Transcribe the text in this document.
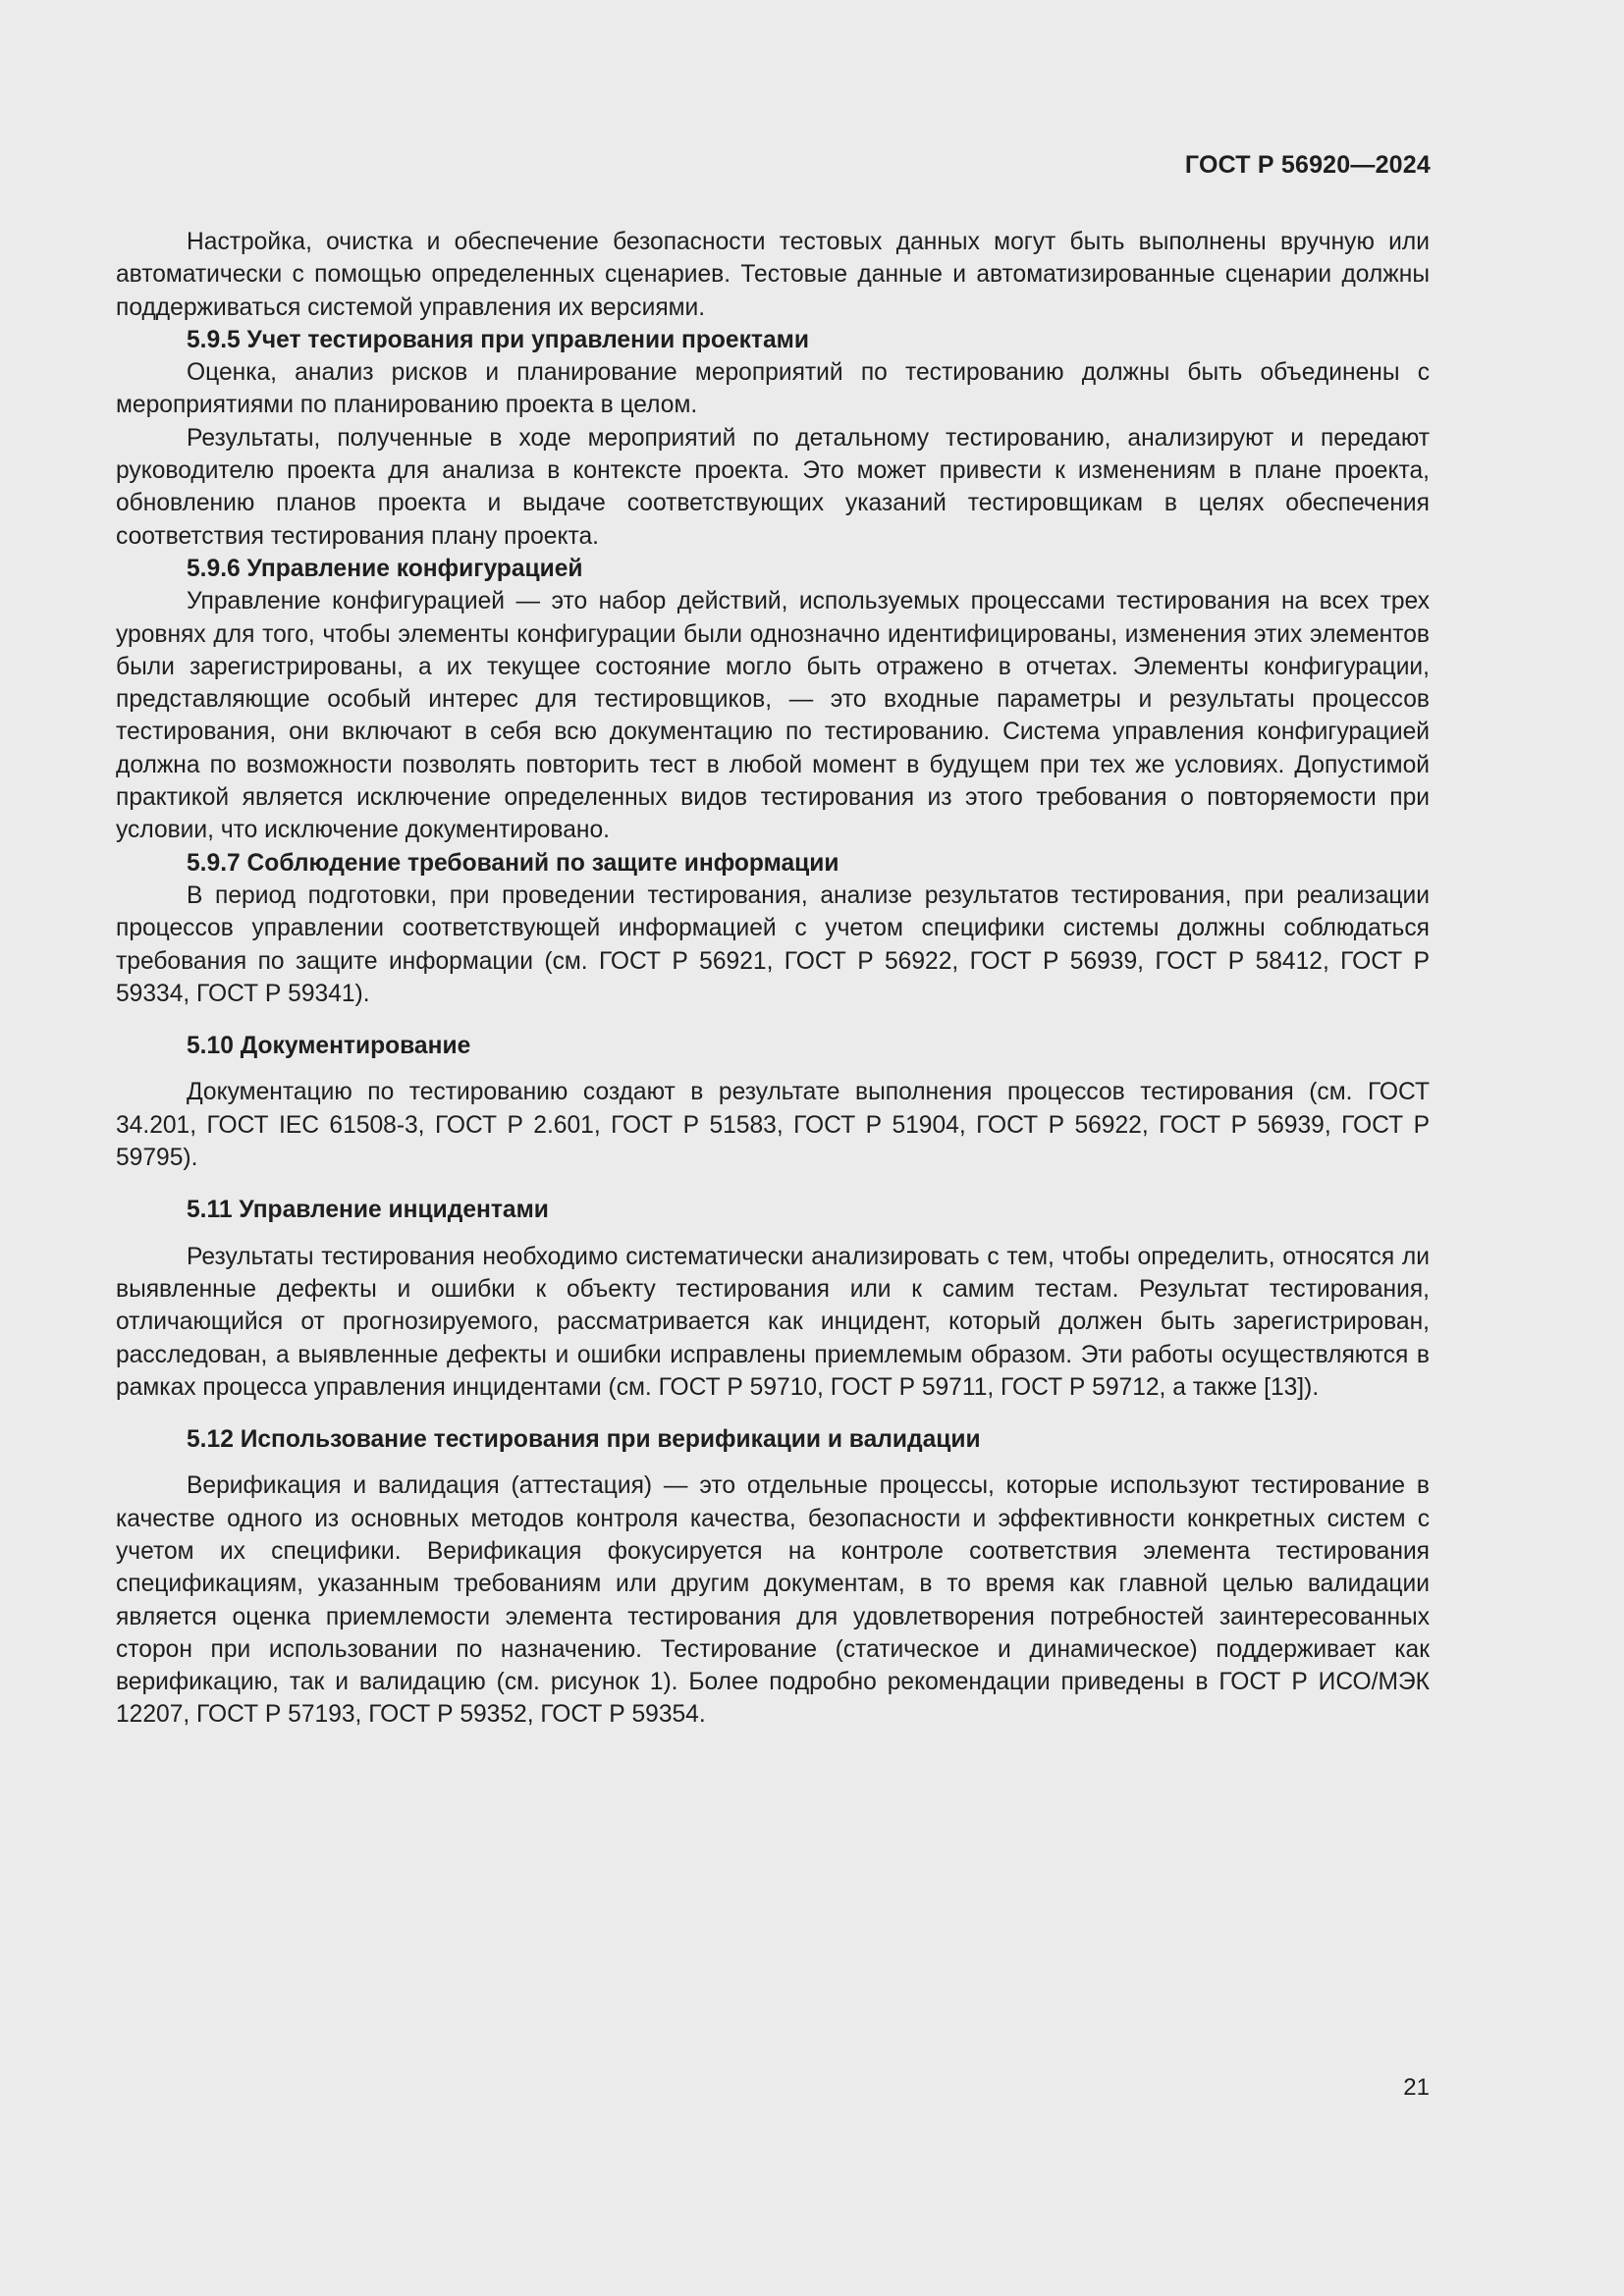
ГОСТ Р 56920—2024

Настройка, очистка и обеспечение безопасности тестовых данных могут быть выполнены вручную или автоматически с помощью определенных сценариев. Тестовые данные и автоматизированные сценарии должны поддерживаться системой управления их версиями.

5.9.5 Учет тестирования при управлении проектами

Оценка, анализ рисков и планирование мероприятий по тестированию должны быть объединены с мероприятиями по планированию проекта в целом.

Результаты, полученные в ходе мероприятий по детальному тестированию, анализируют и передают руководителю проекта для анализа в контексте проекта. Это может привести к изменениям в плане проекта, обновлению планов проекта и выдаче соответствующих указаний тестировщикам в целях обеспечения соответствия тестирования плану проекта.

5.9.6 Управление конфигурацией

Управление конфигурацией — это набор действий, используемых процессами тестирования на всех трех уровнях для того, чтобы элементы конфигурации были однозначно идентифицированы, изменения этих элементов были зарегистрированы, а их текущее состояние могло быть отражено в отчетах. Элементы конфигурации, представляющие особый интерес для тестировщиков, — это входные параметры и результаты процессов тестирования, они включают в себя всю документацию по тестированию. Система управления конфигурацией должна по возможности позволять повторить тест в любой момент в будущем при тех же условиях. Допустимой практикой является исключение определенных видов тестирования из этого требования о повторяемости при условии, что исключение документировано.

5.9.7 Соблюдение требований по защите информации

В период подготовки, при проведении тестирования, анализе результатов тестирования, при реализации процессов управлении соответствующей информацией с учетом специфики системы должны соблюдаться требования по защите информации (см. ГОСТ Р 56921, ГОСТ Р 56922, ГОСТ Р 56939, ГОСТ Р 58412, ГОСТ Р 59334, ГОСТ Р 59341).

5.10 Документирование

Документацию по тестированию создают в результате выполнения процессов тестирования (см. ГОСТ 34.201, ГОСТ IEC 61508-3, ГОСТ Р 2.601, ГОСТ Р 51583, ГОСТ Р 51904, ГОСТ Р 56922, ГОСТ Р 56939, ГОСТ Р 59795).

5.11 Управление инцидентами

Результаты тестирования необходимо систематически анализировать с тем, чтобы определить, относятся ли выявленные дефекты и ошибки к объекту тестирования или к самим тестам. Результат тестирования, отличающийся от прогнозируемого, рассматривается как инцидент, который должен быть зарегистрирован, расследован, а выявленные дефекты и ошибки исправлены приемлемым образом. Эти работы осуществляются в рамках процесса управления инцидентами (см. ГОСТ Р 59710, ГОСТ Р 59711, ГОСТ Р 59712, а также [13]).

5.12 Использование тестирования при верификации и валидации

Верификация и валидация (аттестация) — это отдельные процессы, которые используют тестирование в качестве одного из основных методов контроля качества, безопасности и эффективности конкретных систем с учетом их специфики. Верификация фокусируется на контроле соответствия элемента тестирования спецификациям, указанным требованиям или другим документам, в то время как главной целью валидации является оценка приемлемости элемента тестирования для удовлетворения потребностей заинтересованных сторон при использовании по назначению. Тестирование (статическое и динамическое) поддерживает как верификацию, так и валидацию (см. рисунок 1). Более подробно рекомендации приведены в ГОСТ Р ИСО/МЭК 12207, ГОСТ Р 57193, ГОСТ Р 59352, ГОСТ Р 59354.

21
